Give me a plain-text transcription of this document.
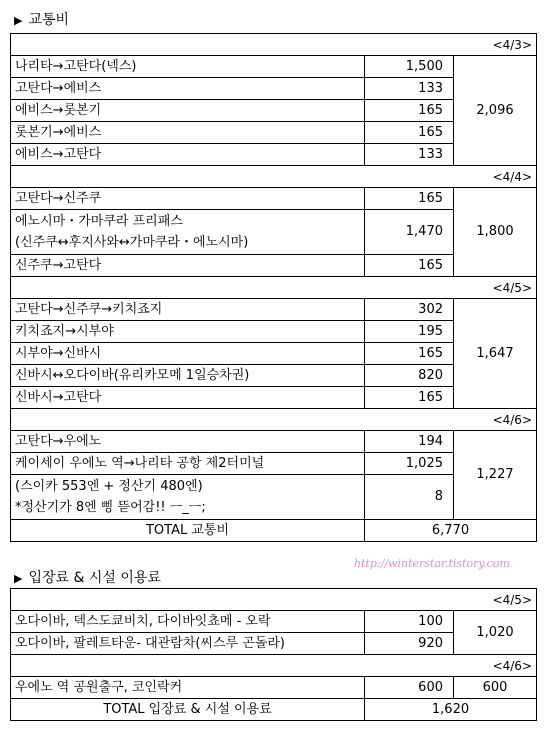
▶ 교통비
<4/3>		
나리타→고탄다(넥스)	1,500	2,096
고탄다→에비스	133	
에비스→롯본기	165	
롯본기→에비스	165	
에비스→고탄다	133	
<4/4>		
고탄다→신주쿠	165	1,800
에노시마・가마쿠라 프리패스
(신주쿠↔후지사와↔가마쿠라・에노시마)	1,470	
신주쿠→고탄다	165	
<4/5>		
고탄다→신주쿠→키치죠지	302	1,647
키치죠지→시부야	195	
시부야→신바시	165	
신바시↔오다이바(유리카모메 1일승차권)	820	
신바시→고탄다	165	
<4/6>		
고탄다→우에노	194	1,227
케이세이 우에노 역→나리타 공항 제2터미널	1,025	
(스이카 553엔 + 정산기 480엔)
*정산기가 8엔 삥 뜯어감!! ㅡ_ㅡ;	8	
TOTAL 교통비	6,770	
http://winterstar.tistory.com
▶ 입장료 & 시설 이용료
<4/5>		
오다이바, 덱스도쿄비치, 다이바잇쵸메 - 오락	100	1,020
오다이바, 팔레트타운- 대관람차(씨스루 곤돌라)	920	
<4/6>		
우에노 역 공원출구, 코인락커	600	600
TOTAL 입장료 & 시설 이용료	1,620	
